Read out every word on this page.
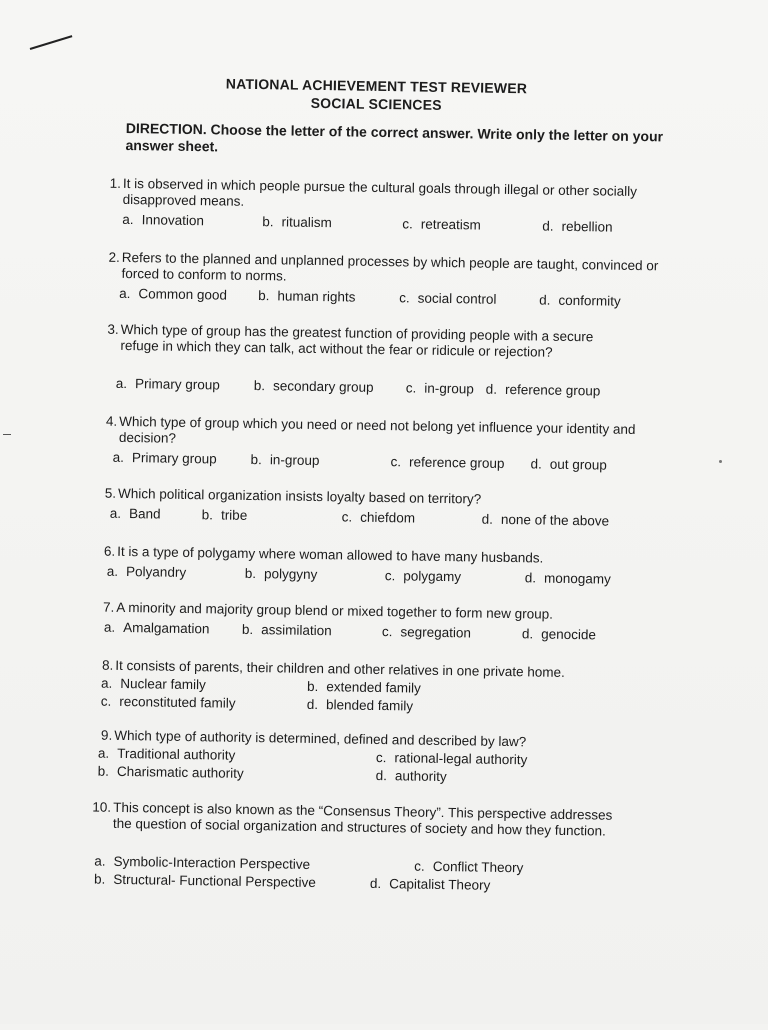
NATIONAL ACHIEVEMENT TEST REVIEWER
SOCIAL SCIENCES
DIRECTION. Choose the letter of the correct answer. Write only the letter on your answer sheet.
1. It is observed in which people pursue the cultural goals through illegal or other socially disapproved means.
a. Innovation	b. ritualism	c. retreatism	d. rebellion
2. Refers to the planned and unplanned processes by which people are taught, convinced or forced to conform to norms.
a. Common good b. human rights	c. social control	d. conformity
3. Which type of group has the greatest function of providing people with a secure refuge in which they can talk, act without the fear or ridicule or rejection?
a. Primary group b. secondary group c. in-group d. reference group
4. Which type of group which you need or need not belong yet influence your identity and decision?
a. Primary group b. in-group	c. reference group d. out group
5. Which political organization insists loyalty based on territory?
a. Band	b. tribe	c. chiefdom	d. none of the above
6. It is a type of polygamy where woman allowed to have many husbands.
a. Polyandry	b. polygyny	c. polygamy	d. monogamy
7. A minority and majority group blend or mixed together to form new group.
a. Amalgamation b. assimilation	c. segregation	d. genocide
8. It consists of parents, their children and other relatives in one private home.
a. Nuclear family	b. extended family
c. reconstituted family	d. blended family
9. Which type of authority is determined, defined and described by law?
a. Traditional authority	c. rational-legal authority
b. Charismatic authority	d. authority
10. This concept is also known as the “Consensus Theory”. This perspective addresses the question of social organization and structures of society and how they function.
a. Symbolic-Interaction Perspective	c. Conflict Theory
b. Structural- Functional Perspective	d. Capitalist Theory
